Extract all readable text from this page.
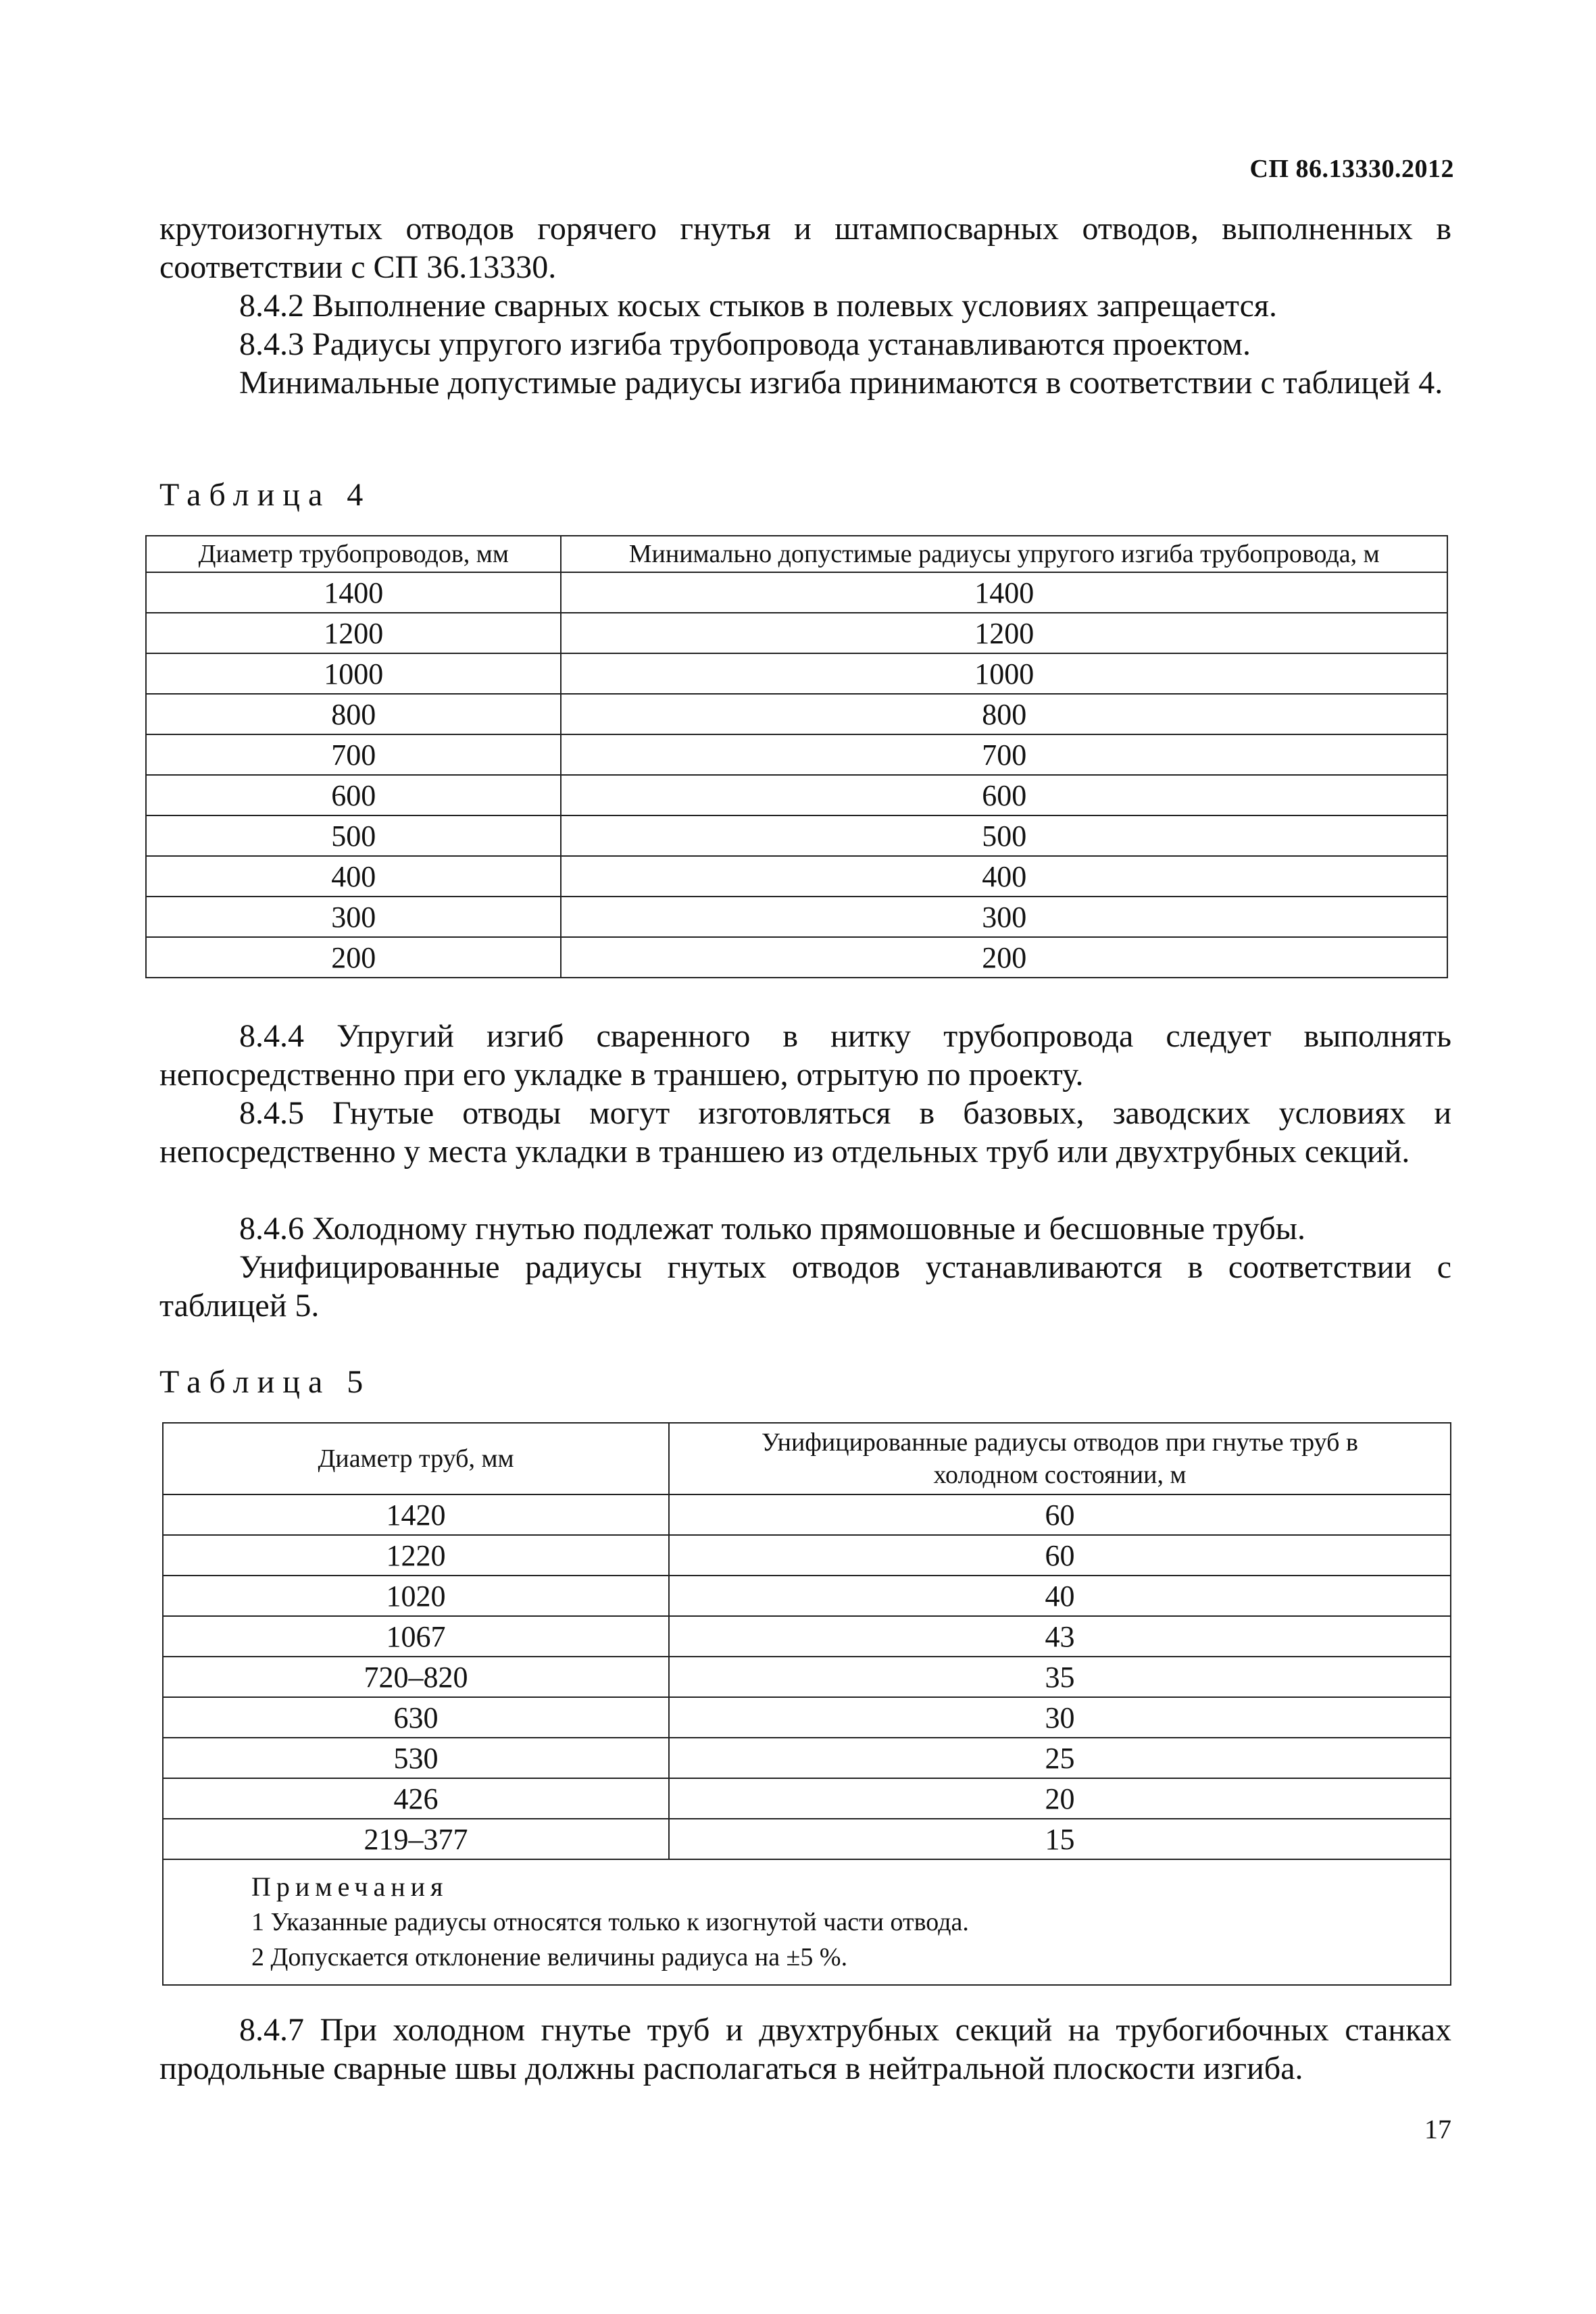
СП 86.13330.2012

крутоизогнутых отводов горячего гнутья и штампосварных отводов, выполненных в соответствии с СП 36.13330.

8.4.2 Выполнение сварных косых стыков в полевых условиях запрещается.

8.4.3 Радиусы упругого изгиба трубопровода устанавливаются проектом.

Минимальные допустимые радиусы изгиба принимаются в соответствии с таблицей 4.

Таблица 4
Диаметр трубопроводов, мм	Минимально допустимые радиусы упругого изгиба трубопровода, м
1400	1400
1200	1200
1000	1000
800	800
700	700
600	600
500	500
400	400
300	300
200	200

8.4.4 Упругий изгиб сваренного в нитку трубопровода следует выполнять непосредственно при его укладке в траншею, отрытую по проекту.

8.4.5 Гнутые отводы могут изготовляться в базовых, заводских условиях и непосредственно у места укладки в траншею из отдельных труб или двухтрубных секций.

8.4.6 Холодному гнутью подлежат только прямошовные и бесшовные трубы.

Унифицированные радиусы гнутых отводов устанавливаются в соответствии с таблицей 5.

Таблица 5
Диаметр труб, мм	Унифицированные радиусы отводов при гнутье труб в холодном состоянии, м
1420	60
1220	60
1020	40
1067	43
720–820	35
630	30
530	25
426	20
219–377	15

Примечания
1 Указанные радиусы относятся только к изогнутой части отвода.
2 Допускается отклонение величины радиуса на ±5 %.	

8.4.7 При холодном гнутье труб и двухтрубных секций на трубогибочных станках продольные сварные швы должны располагаться в нейтральной плоскости изгиба.

17
